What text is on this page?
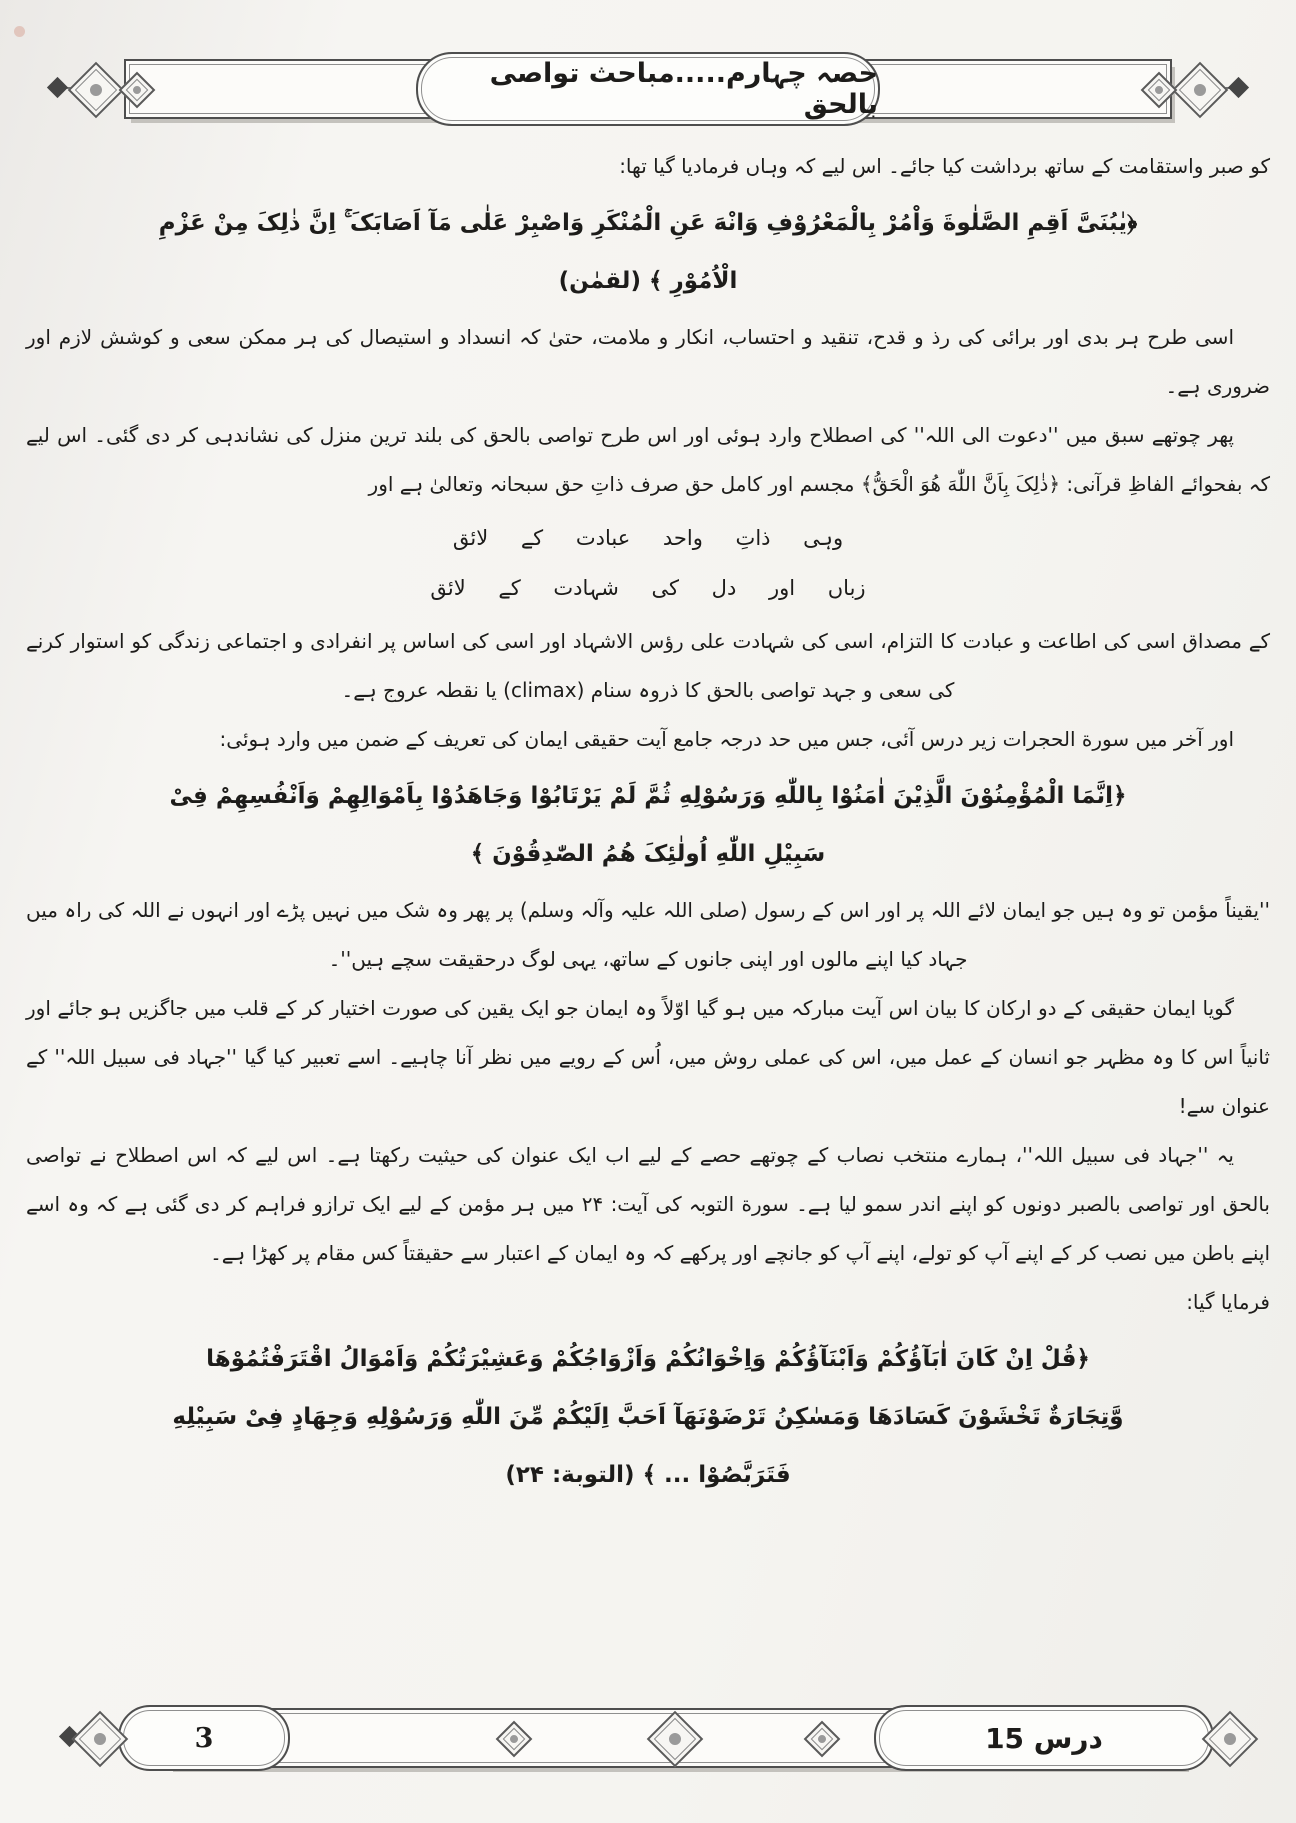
حصہ چہارم.....مباحث تواصی بالحق

کو صبر واستقامت کے ساتھ برداشت کیا جائے۔ اس لیے کہ وہاں فرمادیا گیا تھا:

﴿یٰبُنَیَّ اَقِمِ الصَّلٰوةَ وَاْمُرْ بِالْمَعْرُوْفِ وَانْهَ عَنِ الْمُنْکَرِ وَاصْبِرْ عَلٰی مَآ اَصَابَکَ ۚ اِنَّ ذٰلِکَ مِنْ عَزْمِ

الْاُمُوْرِ ﴾ (لقمٰن)

اسی طرح ہر بدی اور برائی کی رذ و قدح، تنقید و احتساب، انکار و ملامت، حتیٰ کہ انسداد و استیصال کی ہر ممکن سعی و کوشش لازم اور ضروری ہے۔

پھر چوتھے سبق میں ''دعوت الی اللہ'' کی اصطلاح وارد ہوئی اور اس طرح تواصی بالحق کی بلند ترین منزل کی نشاندہی کر دی گئی۔ اس لیے کہ بفحوائے الفاظِ قرآنی: ﴿ذٰلِکَ بِاَنَّ اللّٰهَ هُوَ الْحَقُّ﴾ مجسم اور کامل حق صرف ذاتِ حق سبحانہ وتعالیٰ ہے اور

وہی ذاتِ واحد عبادت کے لائق

زباں اور دل کی شہادت کے لائق

کے مصداق اسی کی اطاعت و عبادت کا التزام، اسی کی شہادت علی رؤس الاشہاد اور اسی کی اساس پر انفرادی و اجتماعی زندگی کو استوار کرنے کی سعی و جہد تواصی بالحق کا ذروہ سنام (climax) یا نقطہ عروج ہے۔

اور آخر میں سورة الحجرات زیر درس آئی، جس میں حد درجہ جامع آیت حقیقی ایمان کی تعریف کے ضمن میں وارد ہوئی:

﴿اِنَّمَا الْمُؤْمِنُوْنَ الَّذِیْنَ اٰمَنُوْا بِاللّٰهِ وَرَسُوْلِهِ ثُمَّ لَمْ یَرْتَابُوْا وَجَاهَدُوْا بِاَمْوَالِهِمْ وَاَنْفُسِهِمْ فِیْ

سَبِیْلِ اللّٰهِ اُولٰئِکَ هُمُ الصّٰدِقُوْنَ ﴾

''یقیناً مؤمن تو وہ ہیں جو ایمان لائے اللہ پر اور اس کے رسول (صلی اللہ علیہ وآلہ وسلم) پر پھر وہ شک میں نہیں پڑے اور انہوں نے اللہ کی راہ میں جہاد کیا اپنے مالوں اور اپنی جانوں کے ساتھ، یہی لوگ درحقیقت سچے ہیں''۔

گویا ایمان حقیقی کے دو ارکان کا بیان اس آیت مبارکہ میں ہو گیا اوّلاً وہ ایمان جو ایک یقین کی صورت اختیار کر کے قلب میں جاگزیں ہو جائے اور ثانیاً اس کا وہ مظہر جو انسان کے عمل میں، اس کی عملی روش میں، اُس کے رویے میں نظر آنا چاہیے۔ اسے تعبیر کیا گیا ''جہاد فی سبیل اللہ'' کے عنوان سے!

یہ ''جہاد فی سبیل اللہ''، ہمارے منتخب نصاب کے چوتھے حصے کے لیے اب ایک عنوان کی حیثیت رکھتا ہے۔ اس لیے کہ اس اصطلاح نے تواصی بالحق اور تواصی بالصبر دونوں کو اپنے اندر سمو لیا ہے۔ سورة التوبہ کی آیت: ۲۴ میں ہر مؤمن کے لیے ایک ترازو فراہم کر دی گئی ہے کہ وہ اسے اپنے باطن میں نصب کر کے اپنے آپ کو تولے، اپنے آپ کو جانچے اور پرکھے کہ وہ ایمان کے اعتبار سے حقیقتاً کس مقام پر کھڑا ہے۔

فرمایا گیا:

﴿قُلْ اِنْ کَانَ اٰبَآؤُکُمْ وَاَبْنَآؤُکُمْ وَاِخْوَانُکُمْ وَاَزْوَاجُکُمْ وَعَشِیْرَتُکُمْ وَاَمْوَالُ اقْتَرَفْتُمُوْهَا

وَّتِجَارَةٌ تَخْشَوْنَ کَسَادَهَا وَمَسٰکِنُ تَرْضَوْنَهَآ اَحَبَّ اِلَیْکُمْ مِّنَ اللّٰهِ وَرَسُوْلِهِ وَجِهَادٍ فِیْ سَبِیْلِهِ

فَتَرَبَّصُوْا ... ﴾ (التوبة: ۲۴)

3	درس 15
